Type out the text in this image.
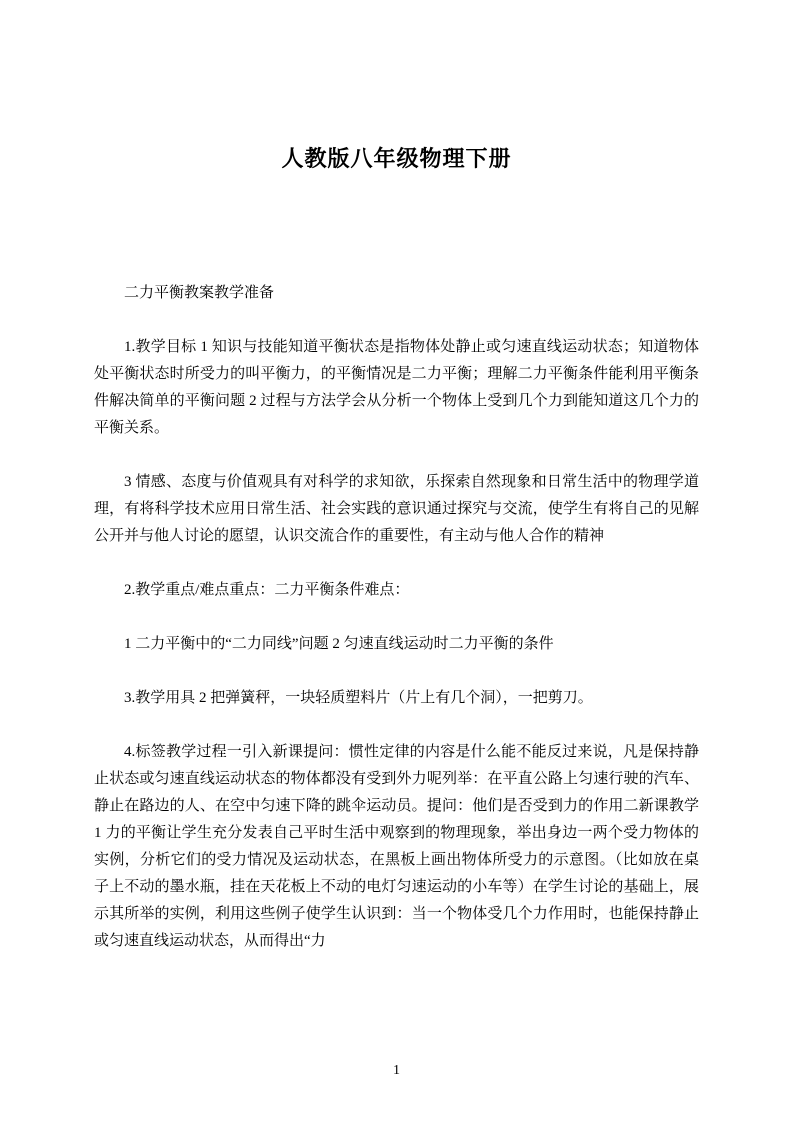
人教版八年级物理下册

二力平衡教案教学准备

1.教学目标 1 知识与技能知道平衡状态是指物体处静止或匀速直线运动状态；知道物体处平衡状态时所受力的叫平衡力，的平衡情况是二力平衡；理解二力平衡条件能利用平衡条件解决简单的平衡问题 2 过程与方法学会从分析一个物体上受到几个力到能知道这几个力的平衡关系。

3 情感、态度与价值观具有对科学的求知欲，乐探索自然现象和日常生活中的物理学道理，有将科学技术应用日常生活、社会实践的意识通过探究与交流，使学生有将自己的见解公开并与他人讨论的愿望，认识交流合作的重要性，有主动与他人合作的精神

2.教学重点/难点重点：二力平衡条件难点：

1 二力平衡中的“二力同线”问题 2 匀速直线运动时二力平衡的条件

3.教学用具 2 把弹簧秤，一块轻质塑料片（片上有几个洞），一把剪刀。

4.标签教学过程一引入新课提问：惯性定律的内容是什么能不能反过来说，凡是保持静止状态或匀速直线运动状态的物体都没有受到外力呢列举：在平直公路上匀速行驶的汽车、静止在路边的人、在空中匀速下降的跳伞运动员。提问：他们是否受到力的作用二新课教学 1 力的平衡让学生充分发表自己平时生活中观察到的物理现象，举出身边一两个受力物体的实例，分析它们的受力情况及运动状态，在黑板上画出物体所受力的示意图。（比如放在桌子上不动的墨水瓶，挂在天花板上不动的电灯匀速运动的小车等）在学生讨论的基础上，展示其所举的实例，利用这些例子使学生认识到：当一个物体受几个力作用时，也能保持静止或匀速直线运动状态，从而得出“力

1
